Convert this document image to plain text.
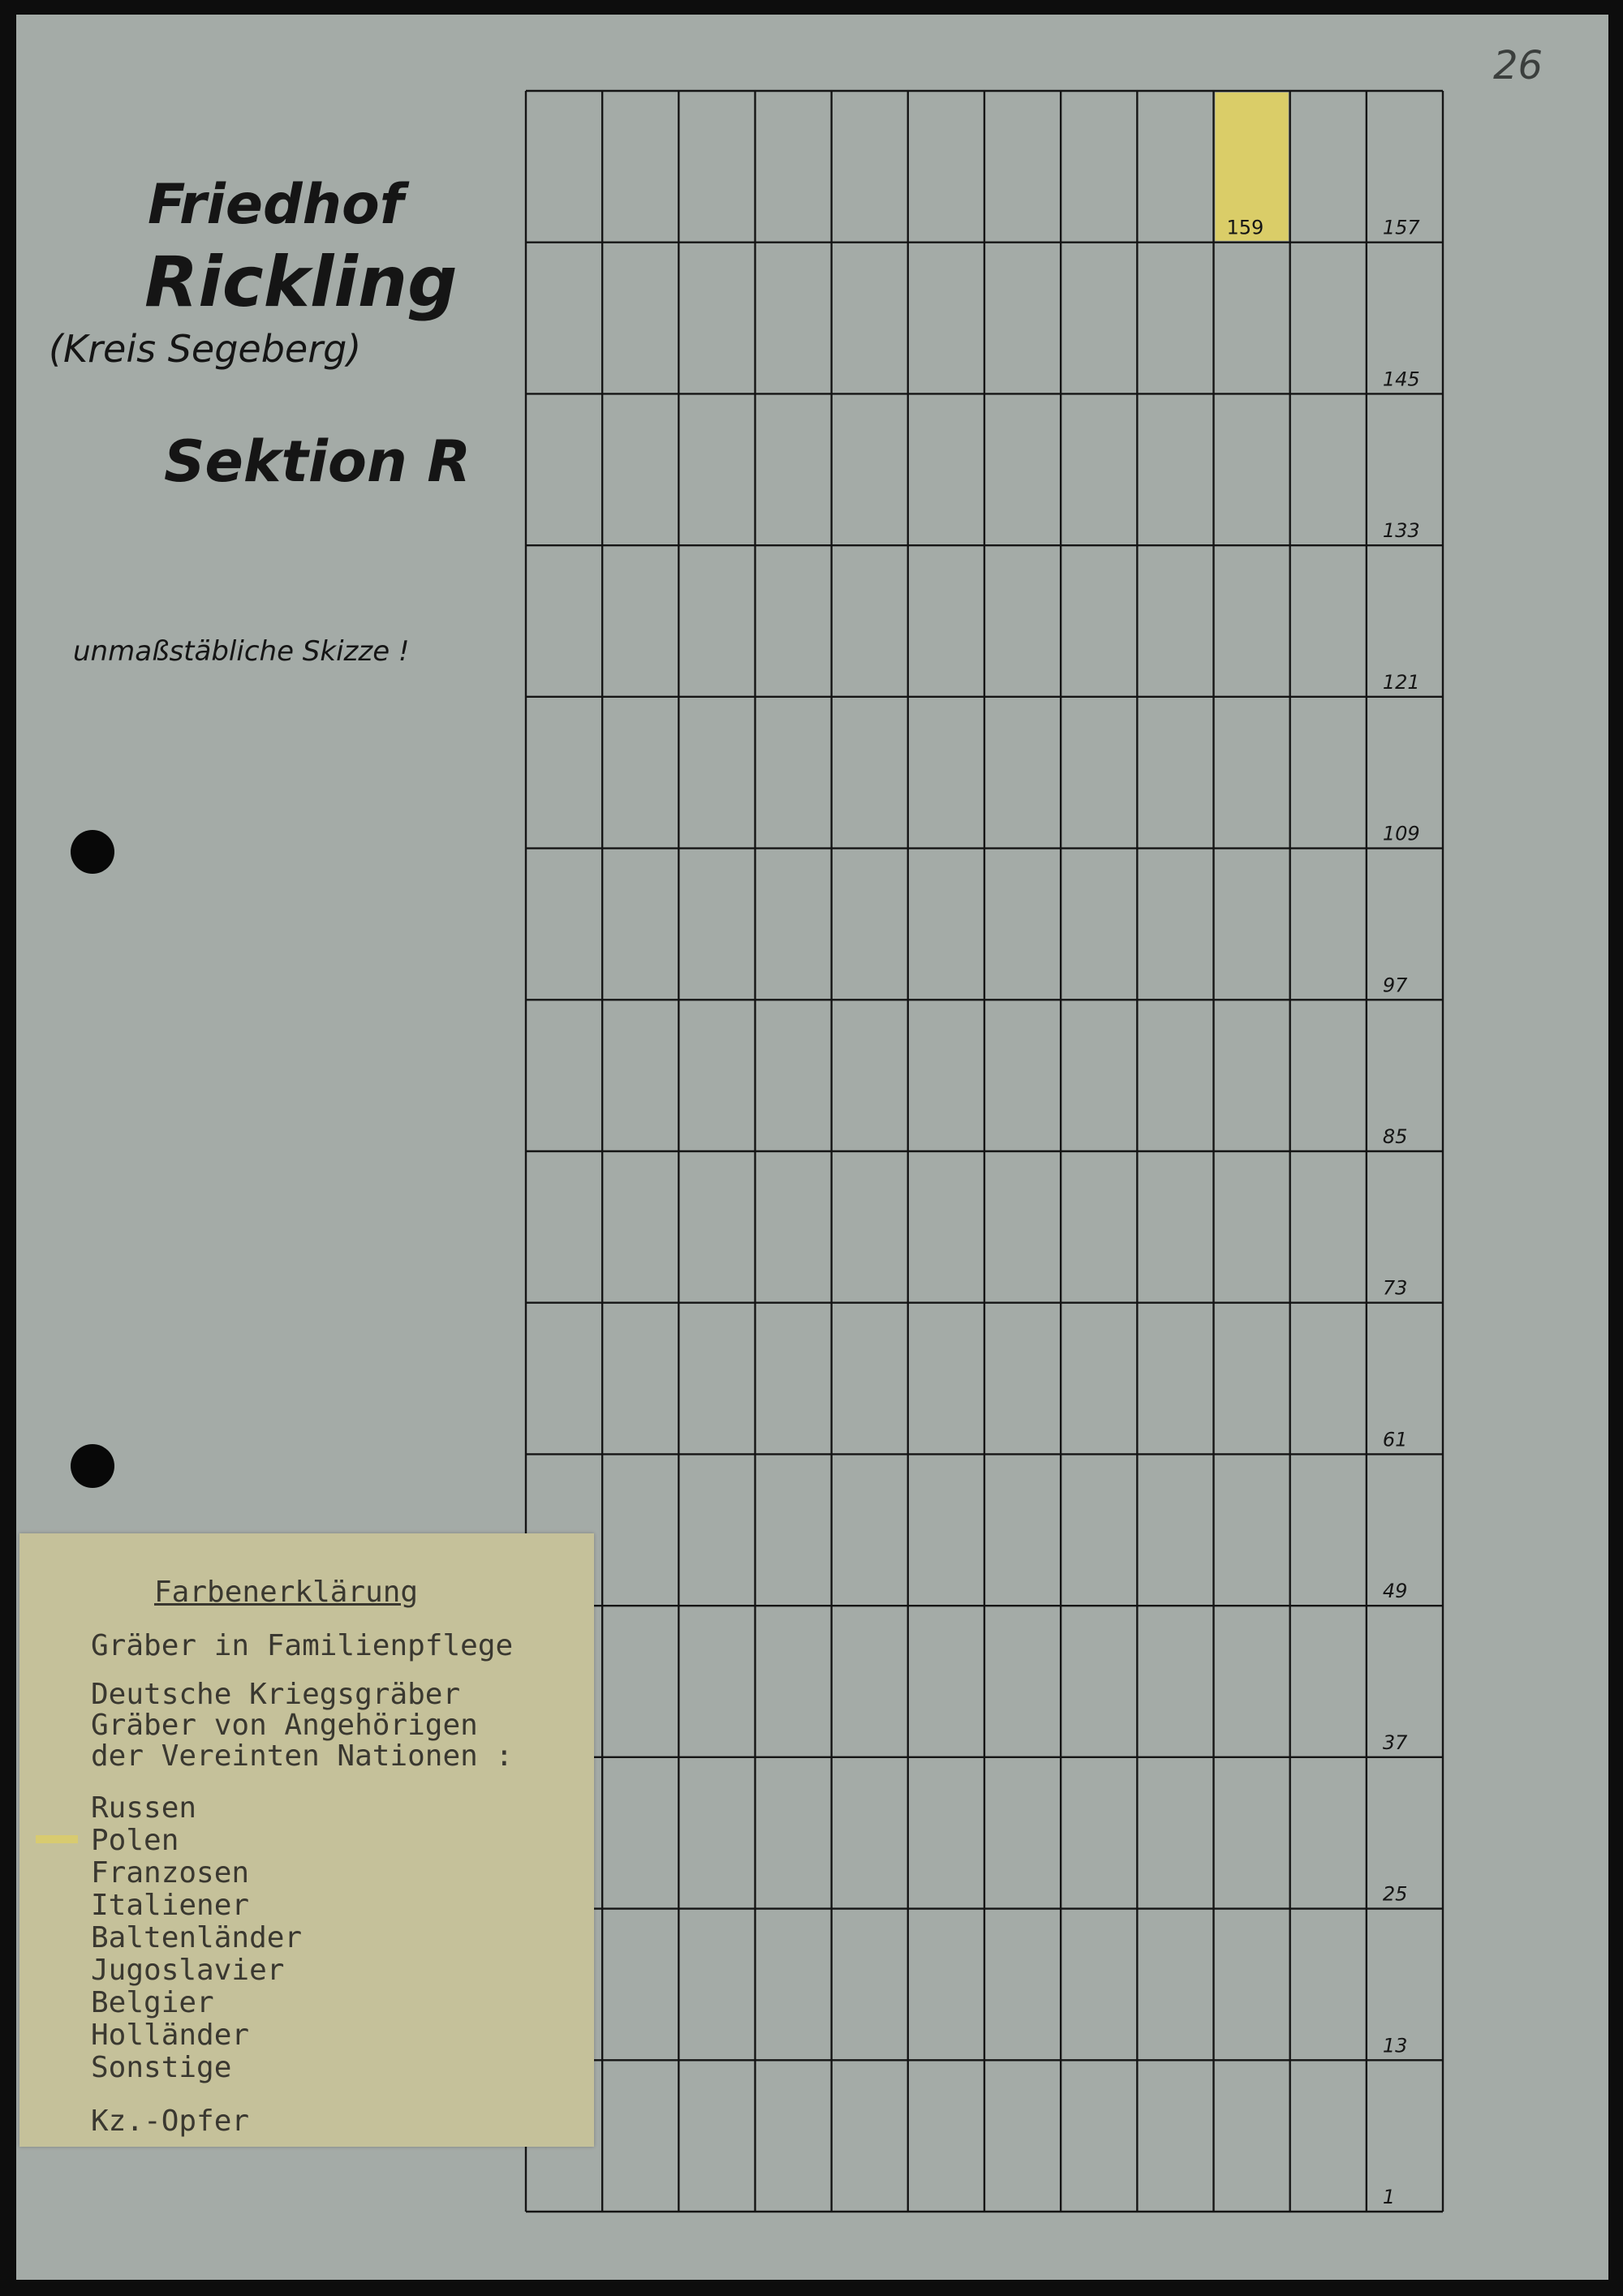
26
Friedhof
Rickling
(Kreis Segeberg)
Sektion R
unmaßstäbliche Skizze !
157
145
133
121
109
97
85
73
61
49
37
25
13
1
159
Farbenerklärung
Gräber in Familienpflege
Deutsche Kriegsgräber
Gräber von Angehörigen
der Vereinten Nationen :
Russen
Polen
Franzosen
Italiener
Baltenländer
Jugoslavier
Belgier
Holländer
Sonstige
Kz.-Opfer
